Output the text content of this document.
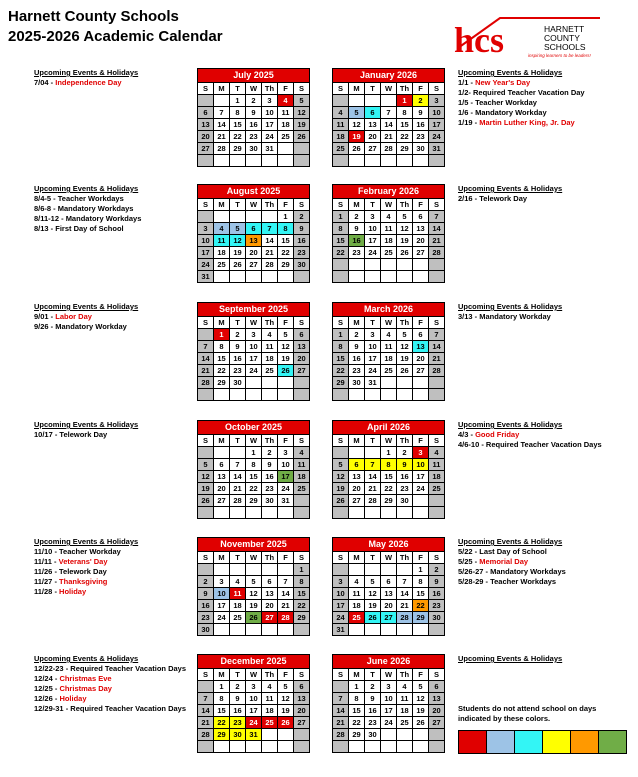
Harnett County Schools
2025-2026 Academic Calendar	hcs	HARNETT
COUNTY
SCHOOLS
inspiring learners to be leaders!
Upcoming Events & Holidays
7/04 - Independence Day
Upcoming Events & Holidays
8/4-5 - Teacher Workdays
8/6-8 - Mandatory Workdays
8/11-12 - Mandatory Workdays
8/13 - First Day of School
Upcoming Events & Holidays
9/01 - Labor Day
9/26 - Mandatory Workday
Upcoming Events & Holidays
10/17 - Telework Day
Upcoming Events & Holidays
11/10 - Teacher Workday
11/11 - Veterans' Day
11/26 - Telework Day
11/27 - Thanksgiving
11/28 - Holiday
Upcoming Events & Holidays
12/22-23 - Required Teacher Vacation Days
12/24 - Christmas Eve
12/25 - Christmas Day
12/26 - Holiday
12/29-31 - Required Teacher Vacation Days
Upcoming Events & Holidays
1/1 - New Year's Day
1/2- Required Teacher Vacation Day
1/5 - Teacher Workday
1/6 - Mandatory Workday
1/19 - Martin Luther King, Jr. Day
Upcoming Events & Holidays
2/16 - Telework Day
Upcoming Events & Holidays
3/13 - Mandatory Workday
Upcoming Events & Holidays
4/3 - Good Friday
4/6-10 - Required Teacher Vacation Days
Upcoming Events & Holidays
5/22 - Last Day of School
5/25 - Memorial Day
5/26-27 - Mandatory Workdays
5/28-29 - Teacher Workdays
Upcoming Events & Holidays
July 2025						
S	M	T	W	Th	F	S
		1	2	3	4	5
6	7	8	9	10	11	12
13	14	15	16	17	18	19
20	21	22	23	24	25	26
27	28	29	30	31		

January 2026						
S	M	T	W	Th	F	S
				1	2	3
4	5	6	7	8	9	10
11	12	13	14	15	16	17
18	19	20	21	22	23	24
25	26	27	28	29	30	31

August 2025						
S	M	T	W	Th	F	S
					1	2
3	4	5	6	7	8	9
10	11	12	13	14	15	16
17	18	19	20	21	22	23
24	25	26	27	28	29	30
31						
February 2026						
S	M	T	W	Th	F	S
1	2	3	4	5	6	7
8	9	10	11	12	13	14
15	16	17	18	19	20	21
22	23	24	25	26	27	28

September 2025						
S	M	T	W	Th	F	S
	1	2	3	4	5	6
7	8	9	10	11	12	13
14	15	16	17	18	19	20
21	22	23	24	25	26	27
28	29	30				

March 2026						
S	M	T	W	Th	F	S
1	2	3	4	5	6	7
8	9	10	11	12	13	14
15	16	17	18	19	20	21
22	23	24	25	26	27	28
29	30	31				

October 2025						
S	M	T	W	Th	F	S
			1	2	3	4
5	6	7	8	9	10	11
12	13	14	15	16	17	18
19	20	21	22	23	24	25
26	27	28	29	30	31	

April 2026						
S	M	T	W	Th	F	S
			1	2	3	4
5	6	7	8	9	10	11
12	13	14	15	16	17	18
19	20	21	22	23	24	25
26	27	28	29	30		

November 2025						
S	M	T	W	Th	F	S
						1
2	3	4	5	6	7	8
9	10	11	12	13	14	15
16	17	18	19	20	21	22
23	24	25	26	27	28	29
30						
May 2026						
S	M	T	W	Th	F	S
					1	2
3	4	5	6	7	8	9
10	11	12	13	14	15	16
17	18	19	20	21	22	23
24	25	26	27	28	29	30
31						
December 2025						
S	M	T	W	Th	F	S
	1	2	3	4	5	6
7	8	9	10	11	12	13
14	15	16	17	18	19	20
21	22	23	24	25	26	27
28	29	30	31			

June 2026						
S	M	T	W	Th	F	S
	1	2	3	4	5	6
7	8	9	10	11	12	13
14	15	16	17	18	19	20
21	22	23	24	25	26	27
28	29	30				

Students do not attend school on days indicated by these colors.
